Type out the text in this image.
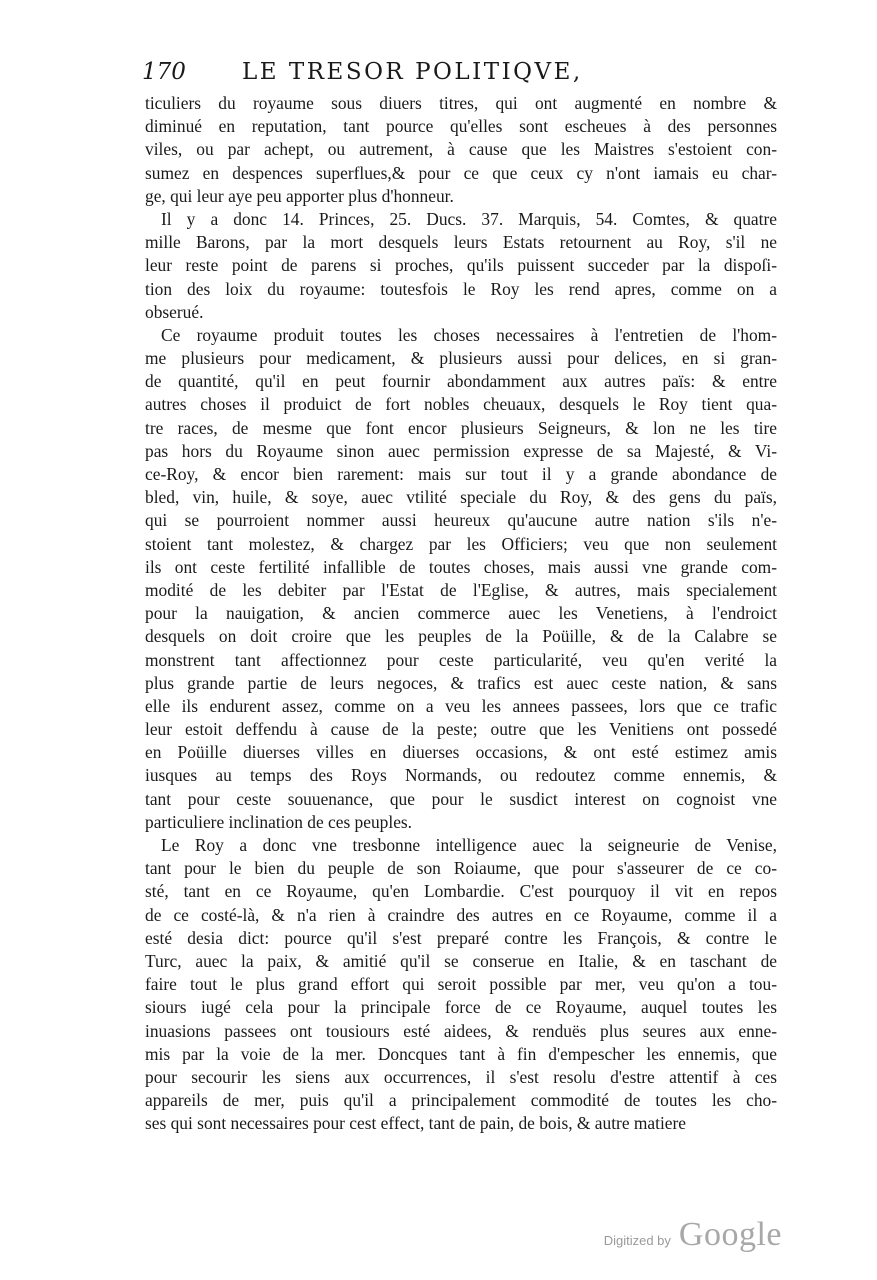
170 LE TRESOR POLITIQVE,
ticuliers du royaume sous diuers titres, qui ont augmenté en nombre &
diminué en reputation, tant pource qu'elles sont escheues à des personnes
viles, ou par achept, ou autrement, à cause que les Maistres s'estoient con-
sumez en despences superflues,& pour ce que ceux cy n'ont iamais eu char-
ge, qui leur aye peu apporter plus d'honneur.
Il y a donc 14. Princes, 25. Ducs. 37. Marquis, 54. Comtes, & quatre
mille Barons, par la mort desquels leurs Estats retournent au Roy, s'il ne
leur reste point de parens si proches, qu'ils puissent succeder par la dispoſi-
tion des loix du royaume: toutesfois le Roy les rend apres, comme on a
obserué.
Ce royaume produit toutes les choses necessaires à l'entretien de l'hom-
me plusieurs pour medicament, & plusieurs aussi pour delices, en si gran-
de quantité, qu'il en peut fournir abondamment aux autres païs: & entre
autres choses il produict de fort nobles cheuaux, desquels le Roy tient qua-
tre races, de mesme que font encor plusieurs Seigneurs, & lon ne les tire
pas hors du Royaume sinon auec permission expresse de sa Majesté, & Vi-
ce-Roy, & encor bien rarement: mais sur tout il y a grande abondance de
bled, vin, huile, & soye, auec vtilité speciale du Roy, & des gens du païs,
qui se pourroient nommer aussi heureux qu'aucune autre nation s'ils n'e-
stoient tant molestez, & chargez par les Officiers; veu que non seulement
ils ont ceste fertilité infallible de toutes choses, mais aussi vne grande com-
modité de les debiter par l'Estat de l'Eglise, & autres, mais specialement
pour la nauigation, & ancien commerce auec les Venetiens, à l'endroict
desquels on doit croire que les peuples de la Poüille, & de la Calabre se
monstrent tant affectionnez pour ceste particularité, veu qu'en verité la
plus grande partie de leurs negoces, & trafics est auec ceste nation, & sans
elle ils endurent assez, comme on a veu les annees passees, lors que ce trafic
leur estoit deffendu à cause de la peste; outre que les Venitiens ont possedé
en Poüille diuerses villes en diuerses occasions, & ont esté estimez amis
iusques au temps des Roys Normands, ou redoutez comme ennemis, &
tant pour ceste souuenance, que pour le susdict interest on cognoist vne
particuliere inclination de ces peuples.
Le Roy a donc vne tresbonne intelligence auec la seigneurie de Venise,
tant pour le bien du peuple de son Roiaume, que pour s'asseurer de ce co-
sté, tant en ce Royaume, qu'en Lombardie. C'est pourquoy il vit en repos
de ce costé-là, & n'a rien à craindre des autres en ce Royaume, comme il a
esté desia dict: pource qu'il s'est preparé contre les François, & contre le
Turc, auec la paix, & amitié qu'il se conserue en Italie, & en taschant de
faire tout le plus grand effort qui seroit possible par mer, veu qu'on a tou-
siours iugé cela pour la principale force de ce Royaume, auquel toutes les
inuasions passees ont tousiours esté aidees, & renduës plus seures aux enne-
mis par la voie de la mer. Doncques tant à fin d'empescher les ennemis, que
pour secourir les siens aux occurrences, il s'est resolu d'estre attentif à ces
appareils de mer, puis qu'il a principalement commodité de toutes les cho-
ses qui sont necessaires pour cest effect, tant de pain, de bois, & autre matiere
Digitized by Google
